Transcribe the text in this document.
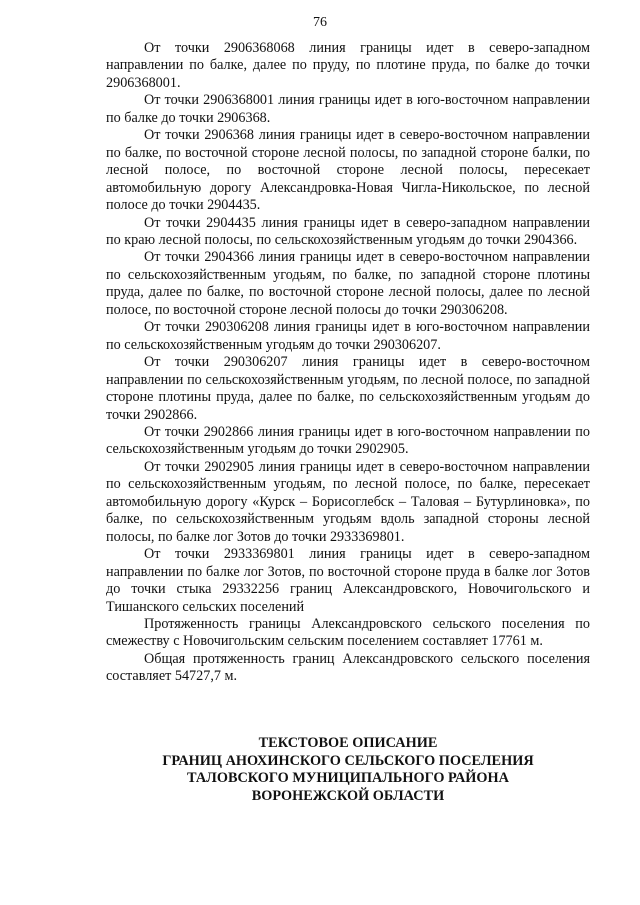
76

От точки 2906368068 линия границы идет в северо-западном направлении по балке, далее по пруду, по плотине пруда, по балке до точки 2906368001.

От точки 2906368001 линия границы идет в юго-восточном направлении по балке до точки 2906368.

От точки 2906368 линия границы идет в северо-восточном направлении по балке, по восточной стороне лесной полосы, по западной стороне балки, по лесной полосе, по восточной стороне лесной полосы, пересекает автомобильную дорогу Александровка-Новая Чигла-Никольское, по лесной полосе до точки 2904435.

От точки 2904435 линия границы идет в северо-западном направлении по краю лесной полосы, по сельскохозяйственным угодьям до точки 2904366.

От точки 2904366 линия границы идет в северо-восточном направлении по сельскохозяйственным угодьям, по балке, по западной стороне плотины пруда, далее по балке, по восточной стороне лесной полосы, далее по лесной полосе, по восточной стороне лесной полосы до точки 290306208.

От точки 290306208 линия границы идет в юго-восточном направлении по сельскохозяйственным угодьям до точки 290306207.

От точки 290306207 линия границы идет в северо-восточном направлении по сельскохозяйственным угодьям, по лесной полосе, по западной стороне плотины пруда, далее по балке, по сельскохозяйственным угодьям до точки 2902866.

От точки 2902866 линия границы идет в юго-восточном направлении по сельскохозяйственным угодьям до точки 2902905.

От точки 2902905 линия границы идет в северо-восточном направлении по сельскохозяйственным угодьям, по лесной полосе, по балке, пересекает автомобильную дорогу «Курск – Борисоглебск – Таловая – Бутурлиновка», по балке, по сельскохозяйственным угодьям вдоль западной стороны лесной полосы, по балке лог Зотов до точки 2933369801.

От точки 2933369801 линия границы идет в северо-западном направлении по балке лог Зотов, по восточной стороне пруда в балке лог Зотов до точки стыка 29332256 границ Александровского, Новочигольского и Тишанского сельских поселений

Протяженность границы Александровского сельского поселения по смежеству с Новочигольским сельским поселением составляет 17761 м.

Общая протяженность границ Александровского сельского поселения составляет 54727,7 м.

ТЕКСТОВОЕ ОПИСАНИЕ
ГРАНИЦ АНОХИНСКОГО СЕЛЬСКОГО ПОСЕЛЕНИЯ
ТАЛОВСКОГО МУНИЦИПАЛЬНОГО РАЙОНА
ВОРОНЕЖСКОЙ ОБЛАСТИ
